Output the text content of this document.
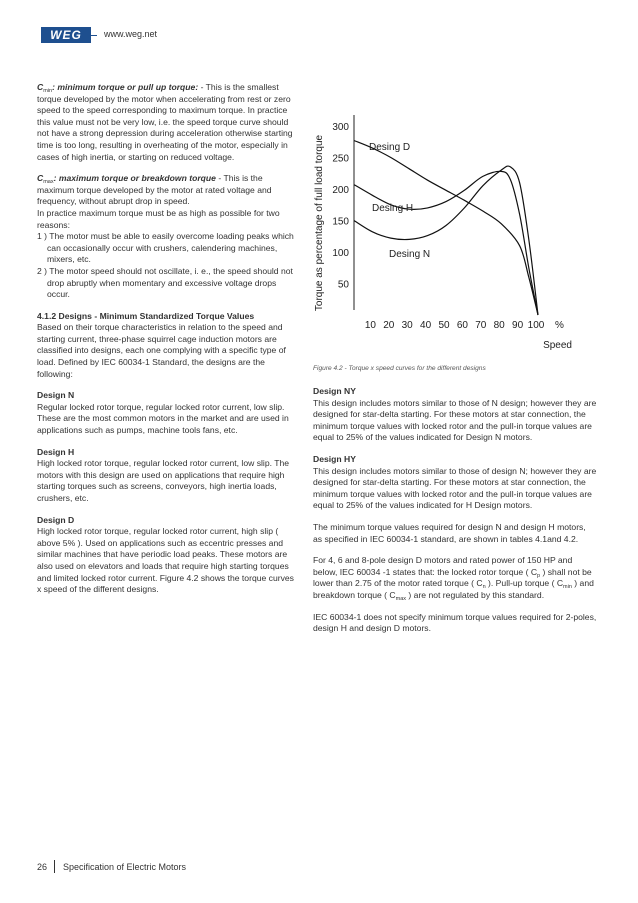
WEG	www.weg.net

$C_{min}$: minimum torque or pull up torque: - This is the smallest torque developed by the motor when accelerating from rest or zero speed to the speed corresponding to maximum torque. In practice this value must not be very low, i.e. the speed torque curve should not have a strong depression during acceleration otherwise starting time is too long, resulting in overheating of the motor, especially in cases of high inertia, or starting on reduced voltage.

$C_{max}$: maximum torque or breakdown torque - This is the maximum torque developed by the motor at rated voltage and frequency, without abrupt drop in speed.
In practice maximum torque must be as high as possible for two reasons:
1 ) The motor must be able to easily overcome loading peaks which can occasionally occur with crushers, calendering machines, mixers, etc.
2 ) The motor speed should not oscillate, i. e., the speed should not drop abruptly when momentary and excessive voltage drops occur.

4.1.2 Designs - Minimum Standardized Torque Values
Based on their torque characteristics in relation to the speed and starting current, three-phase squirrel cage induction motors are classified into designs, each one complying with a specific type of load. Defined by IEC 60034-1 Standard, the designs are the following:

Design N
Regular locked rotor torque, regular locked rotor current, low slip. These are the most common motors in the market and are used in applications such as pumps, machine tools fans, etc.

Design H
High locked rotor torque, regular locked rotor current, low slip. The motors with this design are used on applications that require high starting torques such as screens, conveyors, high inertia loads, crushers, etc.

Design D
High locked rotor torque, regular locked rotor current, high slip ( above 5% ). Used on applications such as eccentric presses and similar machines that have periodic load peaks. These motors are also used on elevators and loads that require high starting torques and limited locked rotor current. Figure 4.2 shows the torque curves x speed of the different designs.

Torque as percentage of full load torque 50
100
150
200
250
300
10 20 30 40 50 60 70 80 90 100 %
Speed
Desing D
Desing H
Desing N
Figure 4.2 - Torque x speed curves for the different designs

Design NY
This design includes motors similar to those of N design; however they are designed for star-delta starting. For these motors at star connection, the minimum torque values with locked rotor and the pull-in torque values are equal to 25% of the values indicated for Design N motors.

Design HY
This design includes motors similar to those of design N; however they are designed for star-delta starting. For these motors at star connection, the minimum torque values with locked rotor and the pull-in torque values are equal to 25% of the values indicated for H Design motors.

The minimum torque values required for design N and design H motors, as specified in IEC 60034-1 standard, are shown in tables 4.1and 4.2.

For 4, 6 and 8-pole design D motors and rated power of 150 HP and below, IEC 60034 -1 states that: the locked rotor torque ( $C_p$ ) shall not be lower than 2.75 of the motor rated torque ( $C_n$ ). Pull-up torque ( $C_{min}$ ) and breakdown torque ( $C_{max}$ ) are not regulated by this standard.

IEC 60034-1 does not specify minimum torque values required for 2-poles, design H and design D motors.

26 Specification of Electric Motors
